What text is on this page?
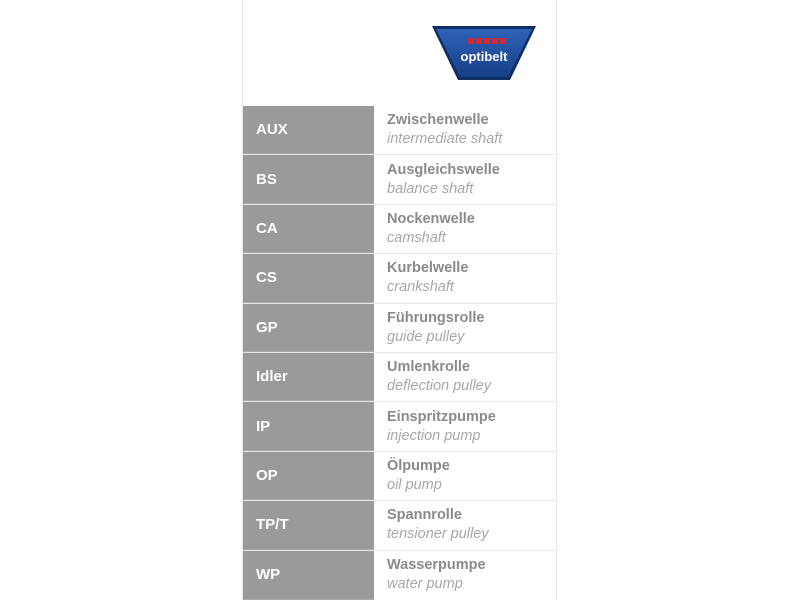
optibelt
AUX
Zwischenwelle
intermediate shaft
BS
Ausgleichswelle
balance shaft
CA
Nockenwelle
camshaft
CS
Kurbelwelle
crankshaft
GP
Führungsrolle
guide pulley
Idler
Umlenkrolle
deflection pulley
IP
Einspritzpumpe
injection pump
OP
Ölpumpe
oil pump
TP/T
Spannrolle
tensioner pulley
WP
Wasserpumpe
water pump
